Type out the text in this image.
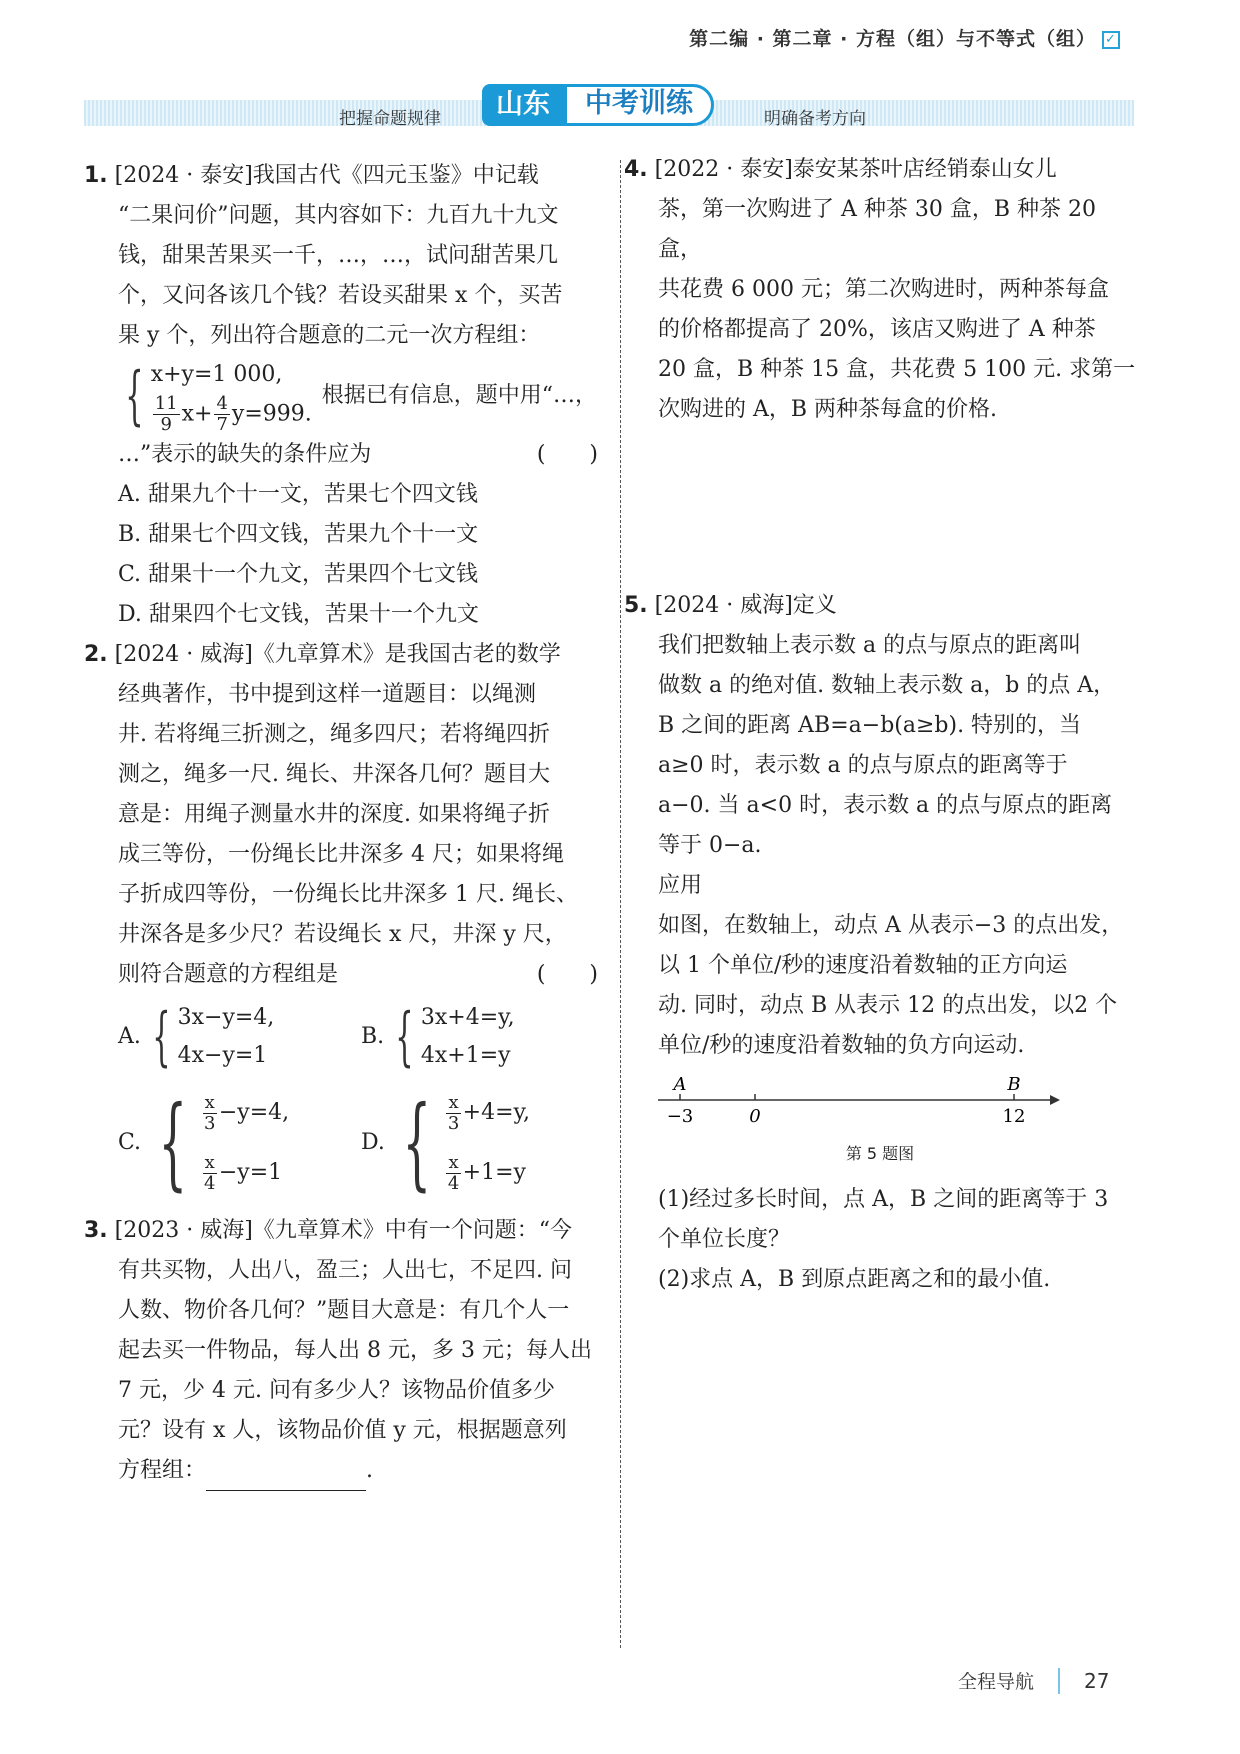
第二编 · 第二章 · 方程（组）与不等式（组） ✓
把握命题规律	明确备考方向
山东	中考训练

1. [2024 · 泰安]我国古代《四元玉鉴》中记载

“二果问价”问题，其内容如下：九百九十九文

钱，甜果苦果买一千，…，…，试问甜苦果几

个，又问各该几个钱？若设买甜果 x 个，买苦

果 y 个，列出符合题意的二元一次方程组：

{ x+y=1 000,
$\frac{11}{9} x+ \frac{4}{7} y=999$.
根据已有信息，题中用“…，

…”表示的缺失的条件应为	(　　)

A. 甜果九个十一文，苦果七个四文钱

B. 甜果七个四文钱，苦果九个十一文

C. 甜果十一个九文，苦果四个七文钱

D. 甜果四个七文钱，苦果十一个九文

2. [2024 · 威海]《九章算术》是我国古老的数学

经典著作，书中提到这样一道题目：以绳测

井. 若将绳三折测之，绳多四尺；若将绳四折

测之，绳多一尺. 绳长、井深各几何？题目大

意是：用绳子测量水井的深度. 如果将绳子折

成三等份，一份绳长比井深多 4 尺；如果将绳

子折成四等份，一份绳长比井深多 1 尺. 绳长、

井深各是多少尺？若设绳长 x 尺，井深 y 尺，

则符合题意的方程组是	(　　)

A. { 3x−y=4,
4x−y=1
B. { 3x+4=y,
4x+1=y
C. { $\frac{x}{3} -y=4$,
$\frac{x}{4} -y=1$
D. { $\frac{x}{3} +4=y$,
$\frac{x}{4} +1=y$

3. [2023 · 威海]《九章算术》中有一个问题：“今

有共买物，人出八，盈三；人出七，不足四. 问

人数、物价各几何？”题目大意是：有几个人一

起去买一件物品，每人出 8 元，多 3 元；每人出

7 元，少 4 元. 问有多少人？该物品价值多少

元？设有 x 人，该物品价值 y 元，根据题意列

方程组：	.

4. [2022 · 泰安]泰安某茶叶店经销泰山女儿

茶，第一次购进了 A 种茶 30 盒，B 种茶 20 盒，

共花费 6 000 元；第二次购进时，两种茶每盒

的价格都提高了 20%，该店又购进了 A 种茶

20 盒，B 种茶 15 盒，共花费 5 100 元. 求第一

次购进的 A，B 两种茶每盒的价格.

5. [2024 · 威海]定义

我们把数轴上表示数 a 的点与原点的距离叫

做数 a 的绝对值. 数轴上表示数 a，b 的点 A，

B 之间的距离 AB=a−b(a≥b). 特别的，当

a≥0 时，表示数 a 的点与原点的距离等于

a−0. 当 a<0 时，表示数 a 的点与原点的距离

等于 0−a.

应用

如图，在数轴上，动点 A 从表示−3 的点出发，

以 1 个单位/秒的速度沿着数轴的正方向运

动. 同时，动点 B 从表示 12 的点出发，以2 个

单位/秒的速度沿着数轴的负方向运动.

A	B
−3	0	12

第 5 题图

(1)经过多长时间，点 A，B 之间的距离等于 3

个单位长度？

(2)求点 A，B 到原点距离之和的最小值.

全程导航	27
